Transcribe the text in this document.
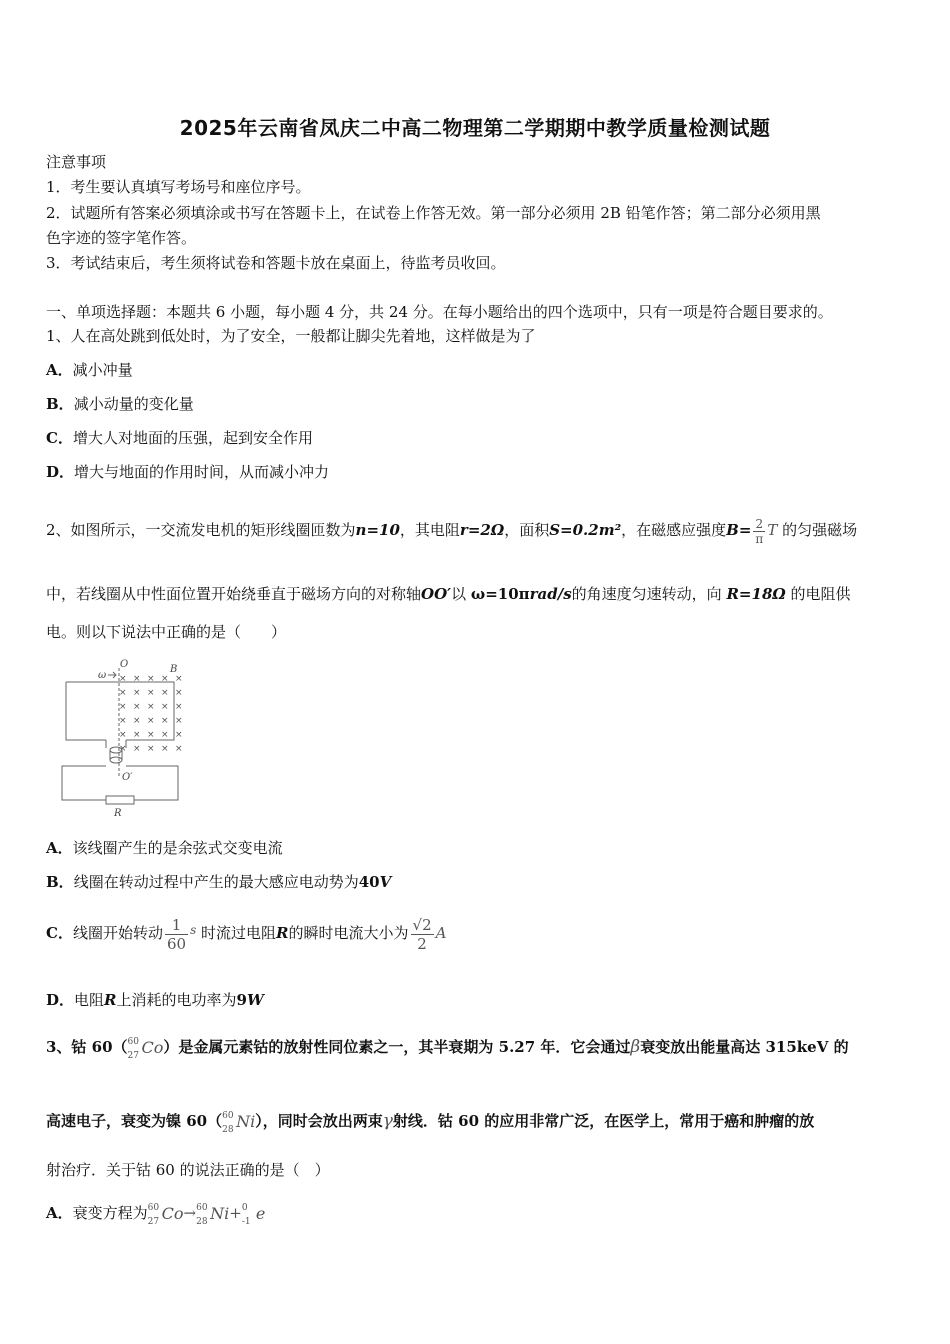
2025年云南省凤庆二中高二物理第二学期期中教学质量检测试题
注意事项
1．考生要认真填写考场号和座位序号。
2．试题所有答案必须填涂或书写在答题卡上，在试卷上作答无效。第一部分必须用 2B 铅笔作答；第二部分必须用黑
色字迹的签字笔作答。
3．考试结束后，考生须将试卷和答题卡放在桌面上，待监考员收回。
一、单项选择题：本题共 6 小题，每小题 4 分，共 24 分。在每小题给出的四个选项中，只有一项是符合题目要求的。
1、人在高处跳到低处时，为了安全，一般都让脚尖先着地，这样做是为了
A．减小冲量
B．减小动量的变化量
C．增大人对地面的压强，起到安全作用
D．增大与地面的作用时间，从而减小冲力
2、如图所示，一交流发电机的矩形线圈匝数为n=10，其电阻r=2Ω，面积S=0.2m²，在磁感应强度$B= \frac{2}{\pi}$ T 的匀强磁场
中，若线圈从中性面位置开始绕垂直于磁场方向的对称轴OO′以 ω=10πrad/s的角速度匀速转动，向 R=18Ω 的电阻供
电。则以下说法中正确的是（　　）
O
O′
ω
B
R
× × × × ×
× × × × ×
× × × × ×
× × × × ×
× × × × ×
× × × × ×
A．该线圈产生的是余弦式交变电流
B．线圈在转动过程中产生的最大感应电动势为40V
C．线圈开始转动 $\frac{1}{60} ^s$ 时流过电阻R的瞬时电流大小为 $\frac{√2}{2}$ A
D．电阻R上消耗的电功率为9W
3、钴 60（ 60
27 Co）是金属元素钴的放射性同位素之一，其半衰期为 5.27 年．它会通过β衰变放出能量高达 315keV 的
高速电子，衰变为镍 60（ 60
28 Ni），同时会放出两束γ射线．钴 60 的应用非常广泛，在医学上，常用于癌和肿瘤的放
射治疗．关于钴 60 的说法正确的是（　）
A．衰变方程为 60
27 Co→ 60
28 Ni+ 0
-1 e
